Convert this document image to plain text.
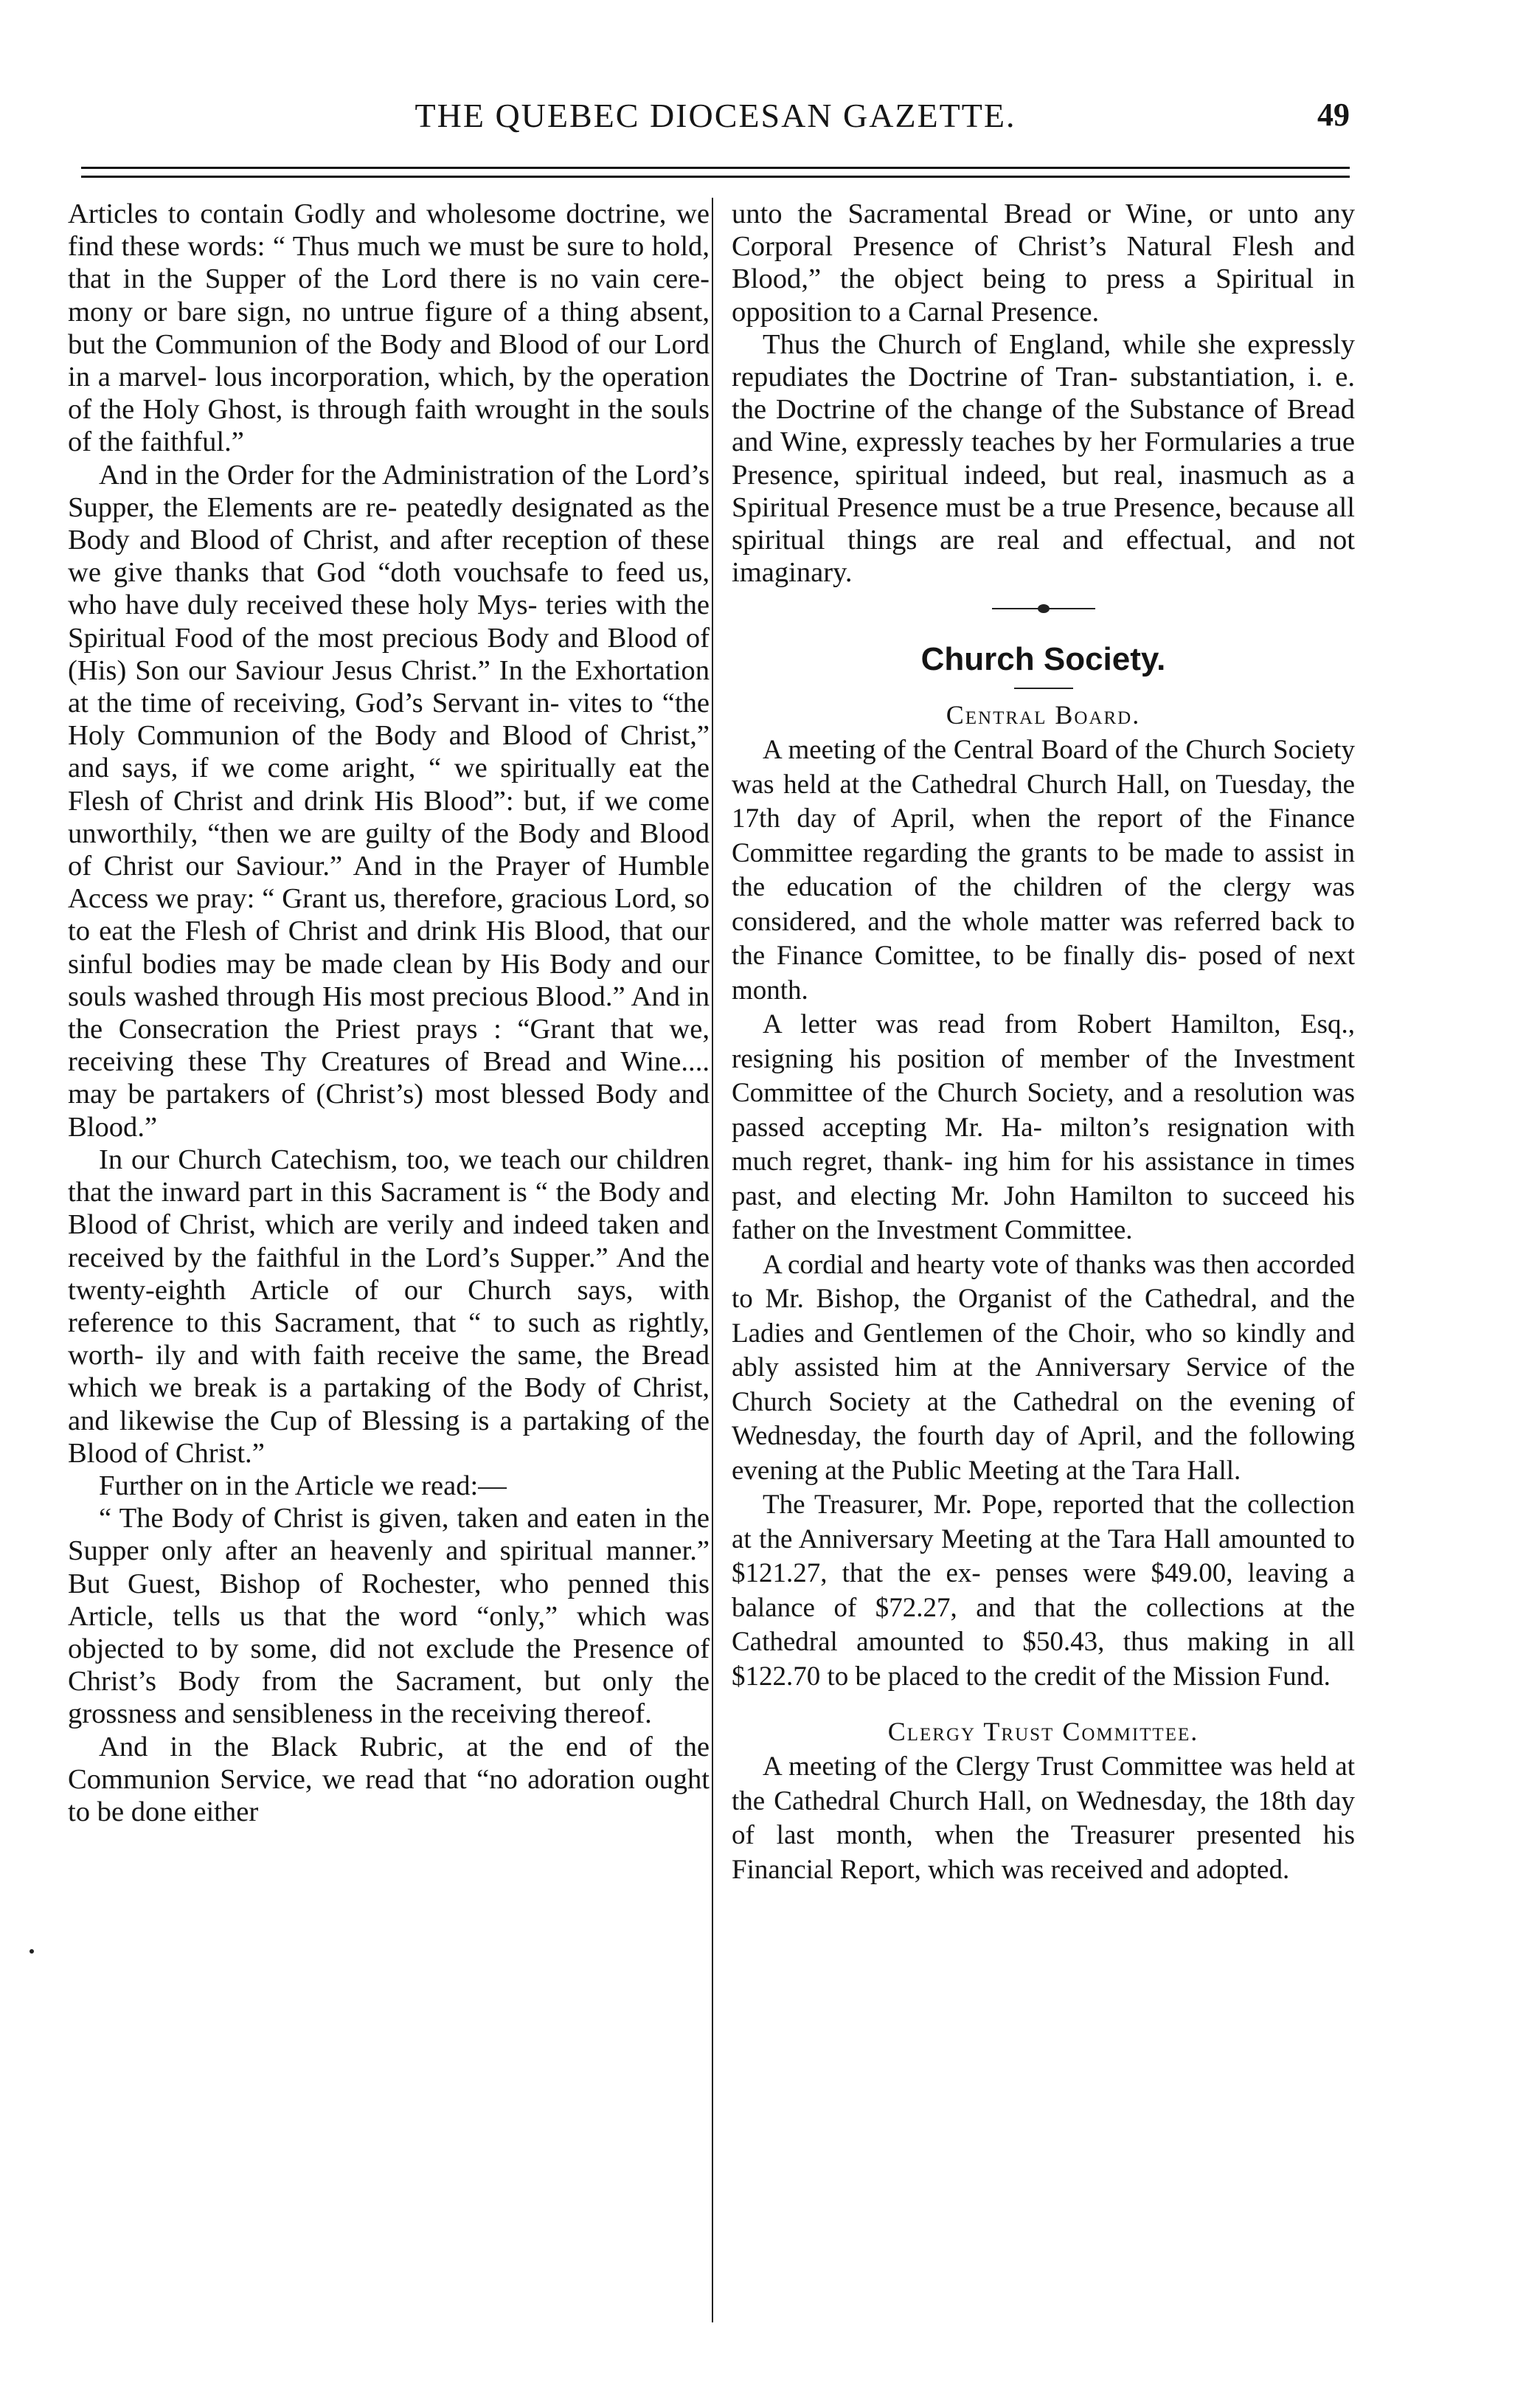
THE QUEBEC DIOCESAN GAZETTE.	49

Articles to contain Godly and wholesome doctrine, we find these words: “ Thus much we must be sure to hold, that in the Supper of the Lord there is no vain cere- mony or bare sign, no untrue figure of a thing absent, but the Communion of the Body and Blood of our Lord in a marvel- lous incorporation, which, by the operation of the Holy Ghost, is through faith wrought in the souls of the faithful.”

And in the Order for the Administration of the Lord’s Supper, the Elements are re- peatedly designated as the Body and Blood of Christ, and after reception of these we give thanks that God “doth vouchsafe to feed us, who have duly received these holy Mys- teries with the Spiritual Food of the most precious Body and Blood of (His) Son our Saviour Jesus Christ.” In the Exhortation at the time of receiving, God’s Servant in- vites to “the Holy Communion of the Body and Blood of Christ,” and says, if we come aright, “ we spiritually eat the Flesh of Christ and drink His Blood”: but, if we come unworthily, “then we are guilty of the Body and Blood of Christ our Saviour.” And in the Prayer of Humble Access we pray: “ Grant us, therefore, gracious Lord, so to eat the Flesh of Christ and drink His Blood, that our sinful bodies may be made clean by His Body and our souls washed through His most precious Blood.” And in the Consecration the Priest prays : “Grant that we, receiving these Thy Creatures of Bread and Wine.... may be partakers of (Christ’s) most blessed Body and Blood.”

In our Church Catechism, too, we teach our children that the inward part in this Sacrament is “ the Body and Blood of Christ, which are verily and indeed taken and received by the faithful in the Lord’s Supper.” And the twenty-eighth Article of our Church says, with reference to this Sacrament, that “ to such as rightly, worth- ily and with faith receive the same, the Bread which we break is a partaking of the Body of Christ, and likewise the Cup of Blessing is a partaking of the Blood of Christ.”

Further on in the Article we read:—

“ The Body of Christ is given, taken and eaten in the Supper only after an heavenly and spiritual manner.” But Guest, Bishop of Rochester, who penned this Article, tells us that the word “only,” which was objected to by some, did not exclude the Presence of Christ’s Body from the Sacrament, but only the grossness and sensibleness in the receiving thereof.

And in the Black Rubric, at the end of the Communion Service, we read that “no adoration ought to be done either

unto the Sacramental Bread or Wine, or unto any Corporal Presence of Christ’s Natural Flesh and Blood,” the object being to press a Spiritual in opposition to a Carnal Presence.

Thus the Church of England, while she expressly repudiates the Doctrine of Tran- substantiation, i. e. the Doctrine of the change of the Substance of Bread and Wine, expressly teaches by her Formularies a true Presence, spiritual indeed, but real, inasmuch as a Spiritual Presence must be a true Presence, because all spiritual things are real and effectual, and not imaginary.

Church Society.
Central Board.

A meeting of the Central Board of the Church Society was held at the Cathedral Church Hall, on Tuesday, the 17th day of April, when the report of the Finance Committee regarding the grants to be made to assist in the education of the children of the clergy was considered, and the whole matter was referred back to the Finance Comittee, to be finally dis- posed of next month.

A letter was read from Robert Hamilton, Esq., resigning his position of member of the Investment Committee of the Church Society, and a resolution was passed accepting Mr. Ha- milton’s resignation with much regret, thank- ing him for his assistance in times past, and electing Mr. John Hamilton to succeed his father on the Investment Committee.

A cordial and hearty vote of thanks was then accorded to Mr. Bishop, the Organist of the Cathedral, and the Ladies and Gentlemen of the Choir, who so kindly and ably assisted him at the Anniversary Service of the Church Society at the Cathedral on the evening of Wednesday, the fourth day of April, and the following evening at the Public Meeting at the Tara Hall.

The Treasurer, Mr. Pope, reported that the collection at the Anniversary Meeting at the Tara Hall amounted to $121.27, that the ex- penses were $49.00, leaving a balance of $72.27, and that the collections at the Cathedral amounted to $50.43, thus making in all $122.70 to be placed to the credit of the Mission Fund.

Clergy Trust Committee.

A meeting of the Clergy Trust Committee was held at the Cathedral Church Hall, on Wednesday, the 18th day of last month, when the Treasurer presented his Financial Report, which was received and adopted.
